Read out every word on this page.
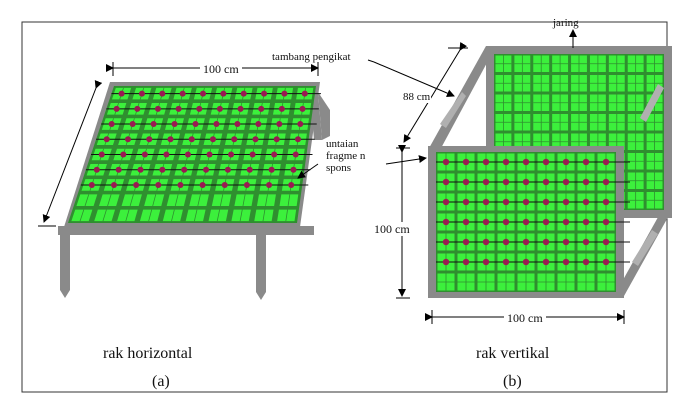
100 cm
tambang pengikat
jaring
88 cm
untaian fragme n spons
100 cm
100 cm
rak horizontal	rak vertikal
(a)	(b)
